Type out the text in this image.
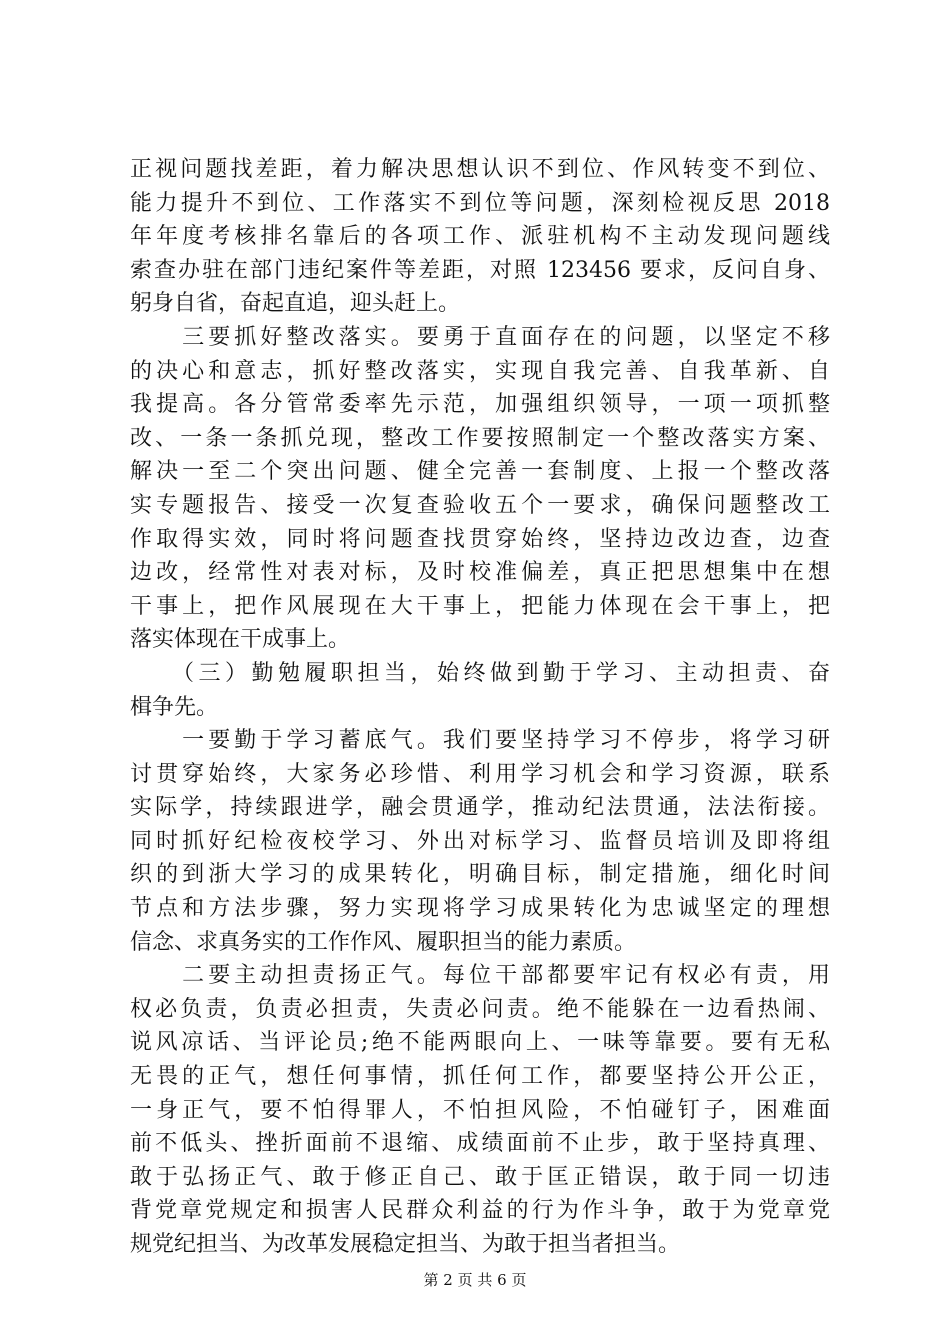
正视问题找差距，着力解决思想认识不到位、作风转变不到位、
能力提升不到位、工作落实不到位等问题，深刻检视反思 2018
年年度考核排名靠后的各项工作、派驻机构不主动发现问题线
索查办驻在部门违纪案件等差距，对照 123456 要求，反问自身、
躬身自省，奋起直追，迎头赶上。
　　三要抓好整改落实。要勇于直面存在的问题，以坚定不移
的决心和意志，抓好整改落实，实现自我完善、自我革新、自
我提高。各分管常委率先示范，加强组织领导，一项一项抓整
改、一条一条抓兑现，整改工作要按照制定一个整改落实方案、
解决一至二个突出问题、健全完善一套制度、上报一个整改落
实专题报告、接受一次复查验收五个一要求，确保问题整改工
作取得实效，同时将问题查找贯穿始终，坚持边改边查，边查
边改，经常性对表对标，及时校准偏差，真正把思想集中在想
干事上，把作风展现在大干事上，把能力体现在会干事上，把
落实体现在干成事上。
　　（三）勤勉履职担当，始终做到勤于学习、主动担责、奋
楫争先。
　　一要勤于学习蓄底气。我们要坚持学习不停步，将学习研
讨贯穿始终，大家务必珍惜、利用学习机会和学习资源，联系
实际学，持续跟进学，融会贯通学，推动纪法贯通，法法衔接。
同时抓好纪检夜校学习、外出对标学习、监督员培训及即将组
织的到浙大学习的成果转化，明确目标，制定措施，细化时间
节点和方法步骤，努力实现将学习成果转化为忠诚坚定的理想
信念、求真务实的工作作风、履职担当的能力素质。
　　二要主动担责扬正气。每位干部都要牢记有权必有责，用
权必负责，负责必担责，失责必问责。绝不能躲在一边看热闹、
说风凉话、当评论员;绝不能两眼向上、一味等靠要。要有无私
无畏的正气，想任何事情，抓任何工作，都要坚持公开公正，
一身正气，要不怕得罪人，不怕担风险，不怕碰钉子，困难面
前不低头、挫折面前不退缩、成绩面前不止步，敢于坚持真理、
敢于弘扬正气、敢于修正自己、敢于匡正错误，敢于同一切违
背党章党规定和损害人民群众利益的行为作斗争，敢于为党章党
规党纪担当、为改革发展稳定担当、为敢于担当者担当。
第 2 页 共 6 页
